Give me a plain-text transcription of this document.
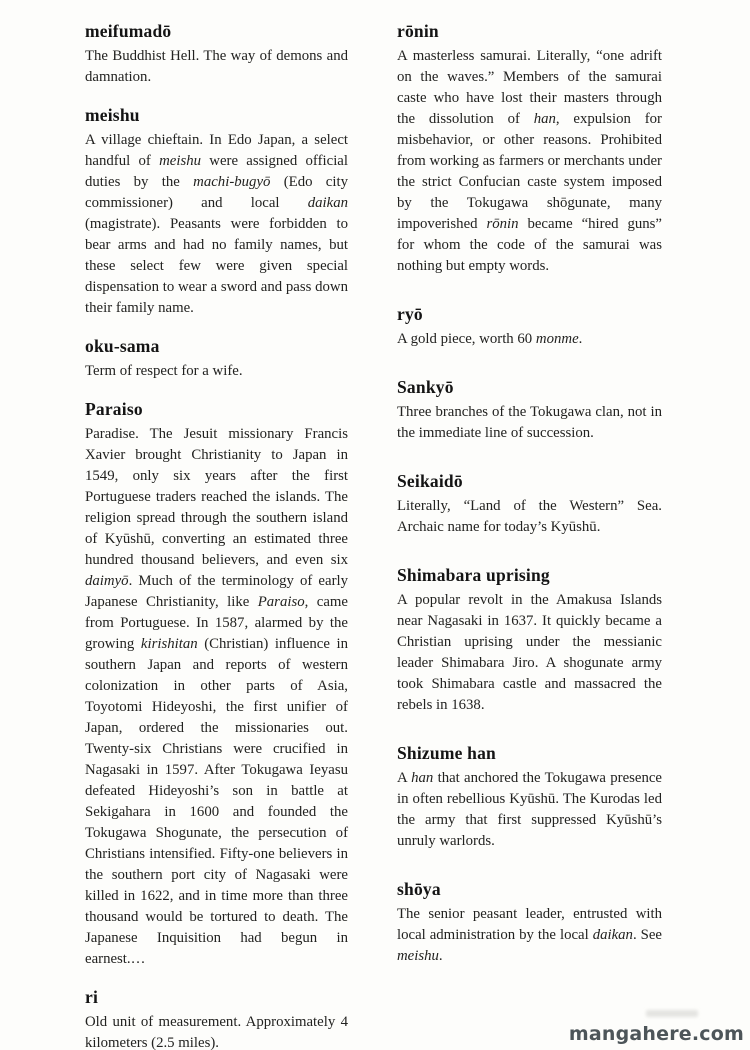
meifumadō

The Buddhist Hell. The way of demons and damnation.

meishu

A village chieftain. In Edo Japan, a select handful of meishu were assigned official duties by the machi-bugyō (Edo city commissioner) and local daikan (magistrate). Peasants were forbidden to bear arms and had no family names, but these select few were given special dispensation to wear a sword and pass down their family name.

oku-sama

Term of respect for a wife.

Paraiso

Paradise. The Jesuit missionary Francis Xavier brought Christianity to Japan in 1549, only six years after the first Portuguese traders reached the islands. The religion spread through the southern island of Kyūshū, converting an estimated three hundred thousand believers, and even six daimyō. Much of the terminology of early Japanese Christianity, like Paraiso, came from Portuguese. In 1587, alarmed by the growing kirishitan (Christian) influence in southern Japan and reports of western colonization in other parts of Asia, Toyotomi Hideyoshi, the first unifier of Japan, ordered the missionaries out. Twenty-six Christians were crucified in Nagasaki in 1597. After Tokugawa Ieyasu defeated Hideyoshi’s son in battle at Sekigahara in 1600 and founded the Tokugawa Shogunate, the persecution of Christians intensified. Fifty-one believers in the southern port city of Nagasaki were killed in 1622, and in time more than three thousand would be tortured to death. The Japanese Inquisition had begun in earnest.…

ri

Old unit of measurement. Approximately 4 kilometers (2.5 miles).

rōnin

A masterless samurai. Literally, “one adrift on the waves.” Members of the samurai caste who have lost their masters through the dissolution of han, expulsion for misbehavior, or other reasons. Prohibited from working as farmers or merchants under the strict Confucian caste system imposed by the Tokugawa shōgunate, many impoverished rōnin became “hired guns” for whom the code of the samurai was nothing but empty words.

ryō

A gold piece, worth 60 monme.

Sankyō

Three branches of the Tokugawa clan, not in the immediate line of succession.

Seikaidō

Literally, “Land of the Western” Sea. Archaic name for today’s Kyūshū.

Shimabara uprising

A popular revolt in the Amakusa Islands near Nagasaki in 1637. It quickly became a Christian uprising under the messianic leader Shimabara Jiro. A shogunate army took Shimabara castle and massacred the rebels in 1638.

Shizume han

A han that anchored the Tokugawa presence in often rebellious Kyūshū. The Kurodas led the army that first suppressed Kyūshū’s unruly warlords.

shōya

The senior peasant leader, entrusted with local administration by the local daikan. See meishu.

mangahere.com
